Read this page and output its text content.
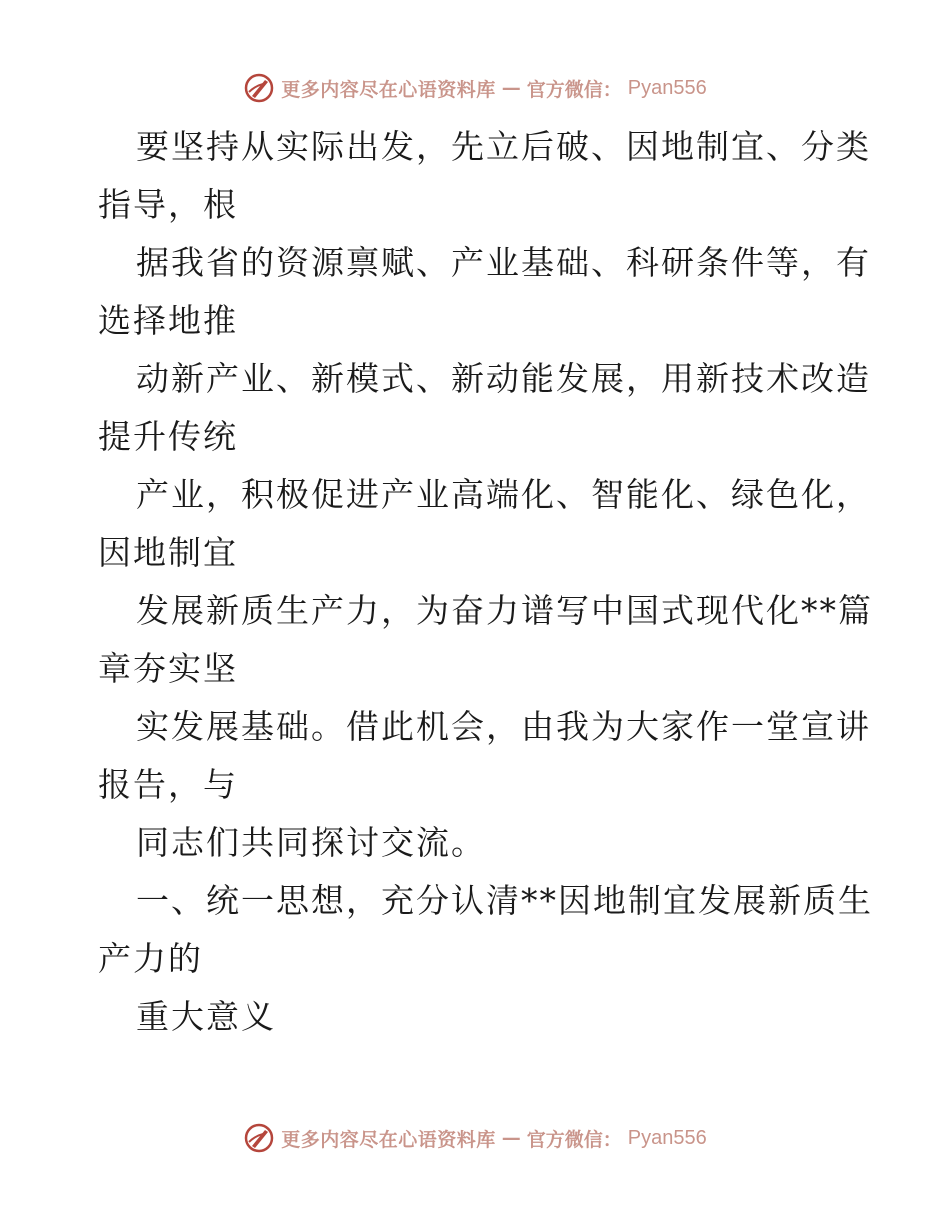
更多内容尽在心语资料库 — 官方微信： Pyan556
要坚持从实际出发，先立后破、因地制宜、分类
指导，根
据我省的资源禀赋、产业基础、科研条件等，有
选择地推
动新产业、新模式、新动能发展，用新技术改造
提升传统
产业，积极促进产业高端化、智能化、绿色化，
因地制宜
发展新质生产力，为奋力谱写中国式现代化**篇
章夯实坚
实发展基础。借此机会，由我为大家作一堂宣讲
报告，与
同志们共同探讨交流。
一、统一思想，充分认清**因地制宜发展新质生
产力的
重大意义
更多内容尽在心语资料库 — 官方微信： Pyan556
